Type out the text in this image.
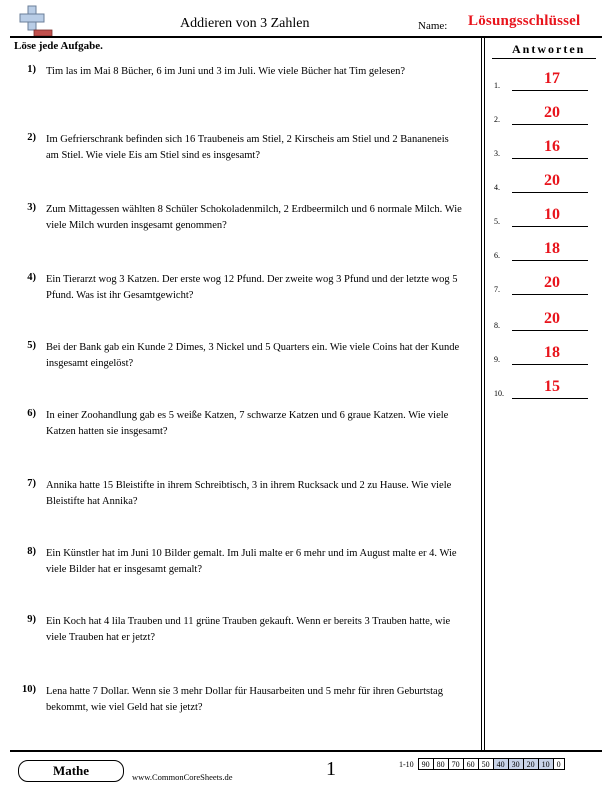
Addieren von 3 Zahlen	Name: Lösungsschlüssel
Löse jede Aufgabe.	Antworten
1) Tim las im Mai 8 Bücher, 6 im Juni und 3 im Juli. Wie viele Bücher hat Tim gelesen?
2) Im Gefrierschrank befinden sich 16 Traubeneis am Stiel, 2 Kirscheis am Stiel und 2 Bananeneis am Stiel. Wie viele Eis am Stiel sind es insgesamt?
3) Zum Mittagessen wählten 8 Schüler Schokoladenmilch, 2 Erdbeermilch und 6 normale Milch. Wie viele Milch wurden insgesamt genommen?
4) Ein Tierarzt wog 3 Katzen. Der erste wog 12 Pfund. Der zweite wog 3 Pfund und der letzte wog 5 Pfund. Was ist ihr Gesamtgewicht?
5) Bei der Bank gab ein Kunde 2 Dimes, 3 Nickel und 5 Quarters ein. Wie viele Coins hat der Kunde insgesamt eingelöst?
6) In einer Zoohandlung gab es 5 weiße Katzen, 7 schwarze Katzen und 6 graue Katzen. Wie viele Katzen hatten sie insgesamt?
7) Annika hatte 15 Bleistifte in ihrem Schreibtisch, 3 in ihrem Rucksack und 2 zu Hause. Wie viele Bleistifte hat Annika?
8) Ein Künstler hat im Juni 10 Bilder gemalt. Im Juli malte er 6 mehr und im August malte er 4. Wie viele Bilder hat er insgesamt gemalt?
9) Ein Koch hat 4 lila Trauben und 11 grüne Trauben gekauft. Wenn er bereits 3 Trauben hatte, wie viele Trauben hat er jetzt?
10) Lena hatte 7 Dollar. Wenn sie 3 mehr Dollar für Hausarbeiten und 5 mehr für ihren Geburtstag bekommt, wie viel Geld hat sie jetzt?
1.	17
2.	20
3.	16
4.	20
5.	10
6.	18
7.	20
8.	20
9.	18
10.	15
Mathe	www.CommonCoreSheets.de	1	1-10	90	80	70	60	50	40	30	20	10	0
